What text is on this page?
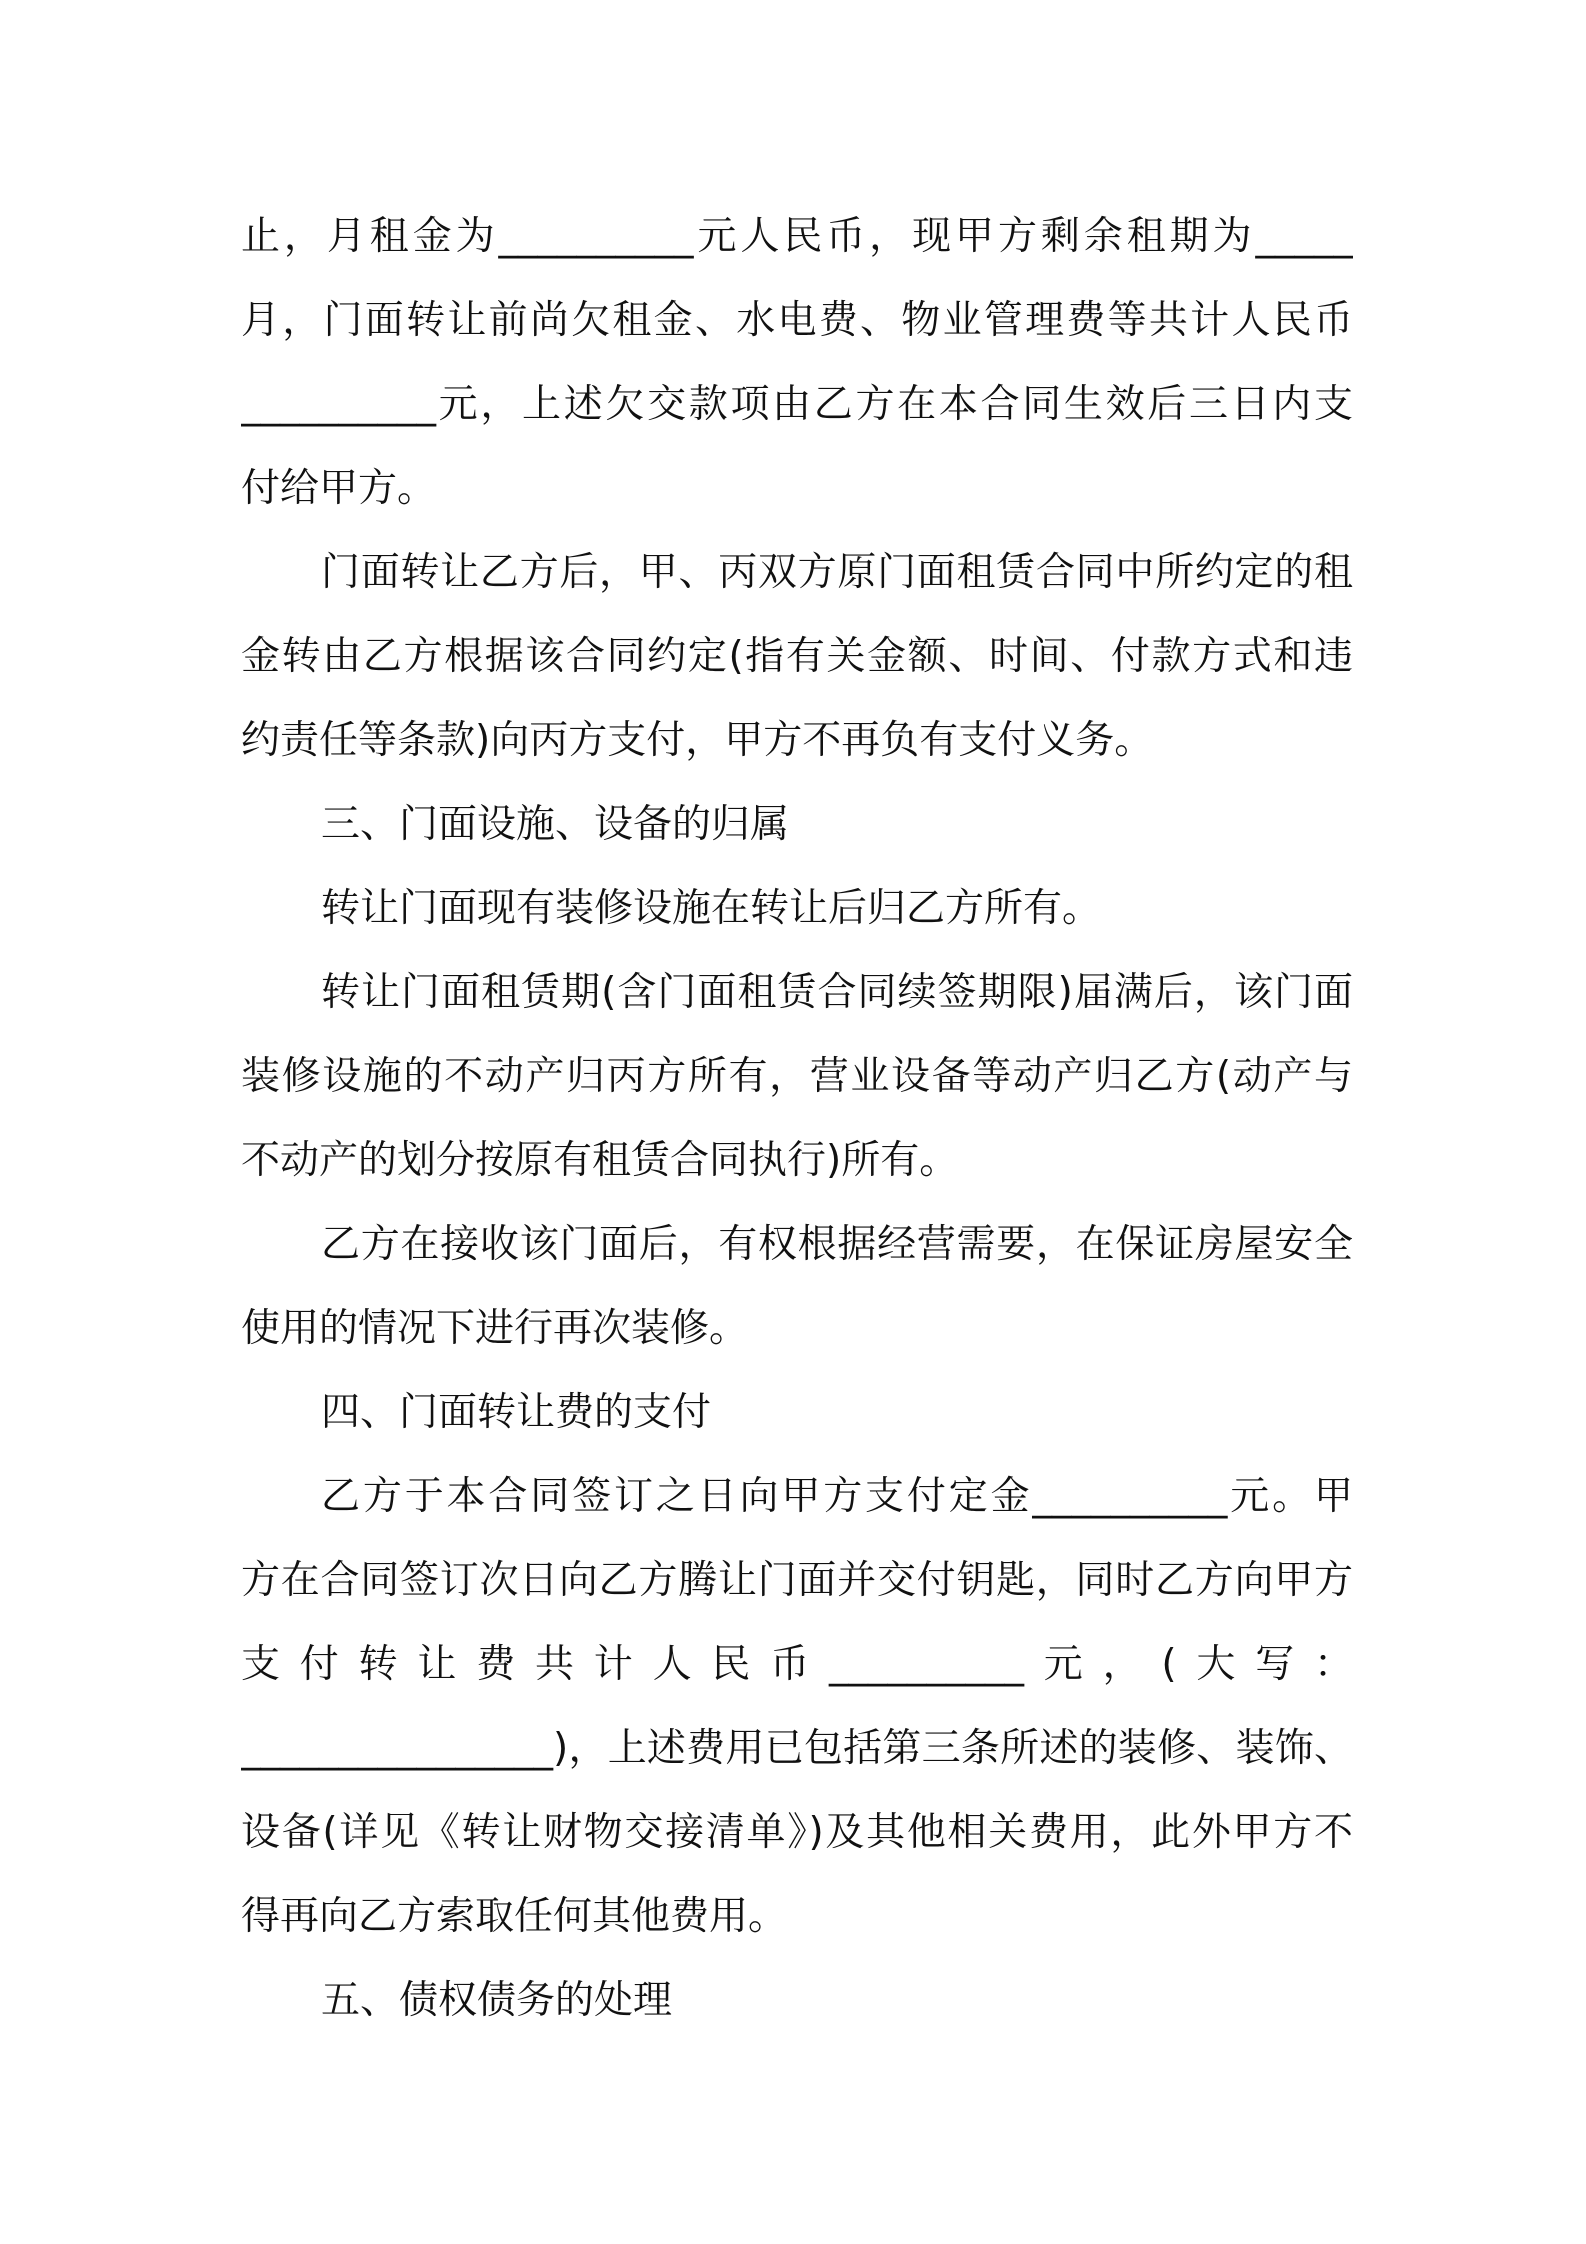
止，月租金为__________元人民币，现甲方剩余租期为_____
月，门面转让前尚欠租金、水电费、物业管理费等共计人民币
__________元，上述欠交款项由乙方在本合同生效后三日内支
付给甲方。
门面转让乙方后，甲、丙双方原门面租赁合同中所约定的租
金转由乙方根据该合同约定(指有关金额、时间、付款方式和违
约责任等条款)向丙方支付，甲方不再负有支付义务。
三、门面设施、设备的归属
转让门面现有装修设施在转让后归乙方所有。
转让门面租赁期(含门面租赁合同续签期限)届满后，该门面
装修设施的不动产归丙方所有，营业设备等动产归乙方(动产与
不动产的划分按原有租赁合同执行)所有。
乙方在接收该门面后，有权根据经营需要，在保证房屋安全
使用的情况下进行再次装修。
四、门面转让费的支付
乙方于本合同签订之日向甲方支付定金__________元。甲
方在合同签订次日向乙方腾让门面并交付钥匙，同时乙方向甲方
支付转让费共计人民币__________元，(大写：
________________)，上述费用已包括第三条所述的装修、装饰、
设备(详见《转让财物交接清单》)及其他相关费用，此外甲方不
得再向乙方索取任何其他费用。
五、债权债务的处理
